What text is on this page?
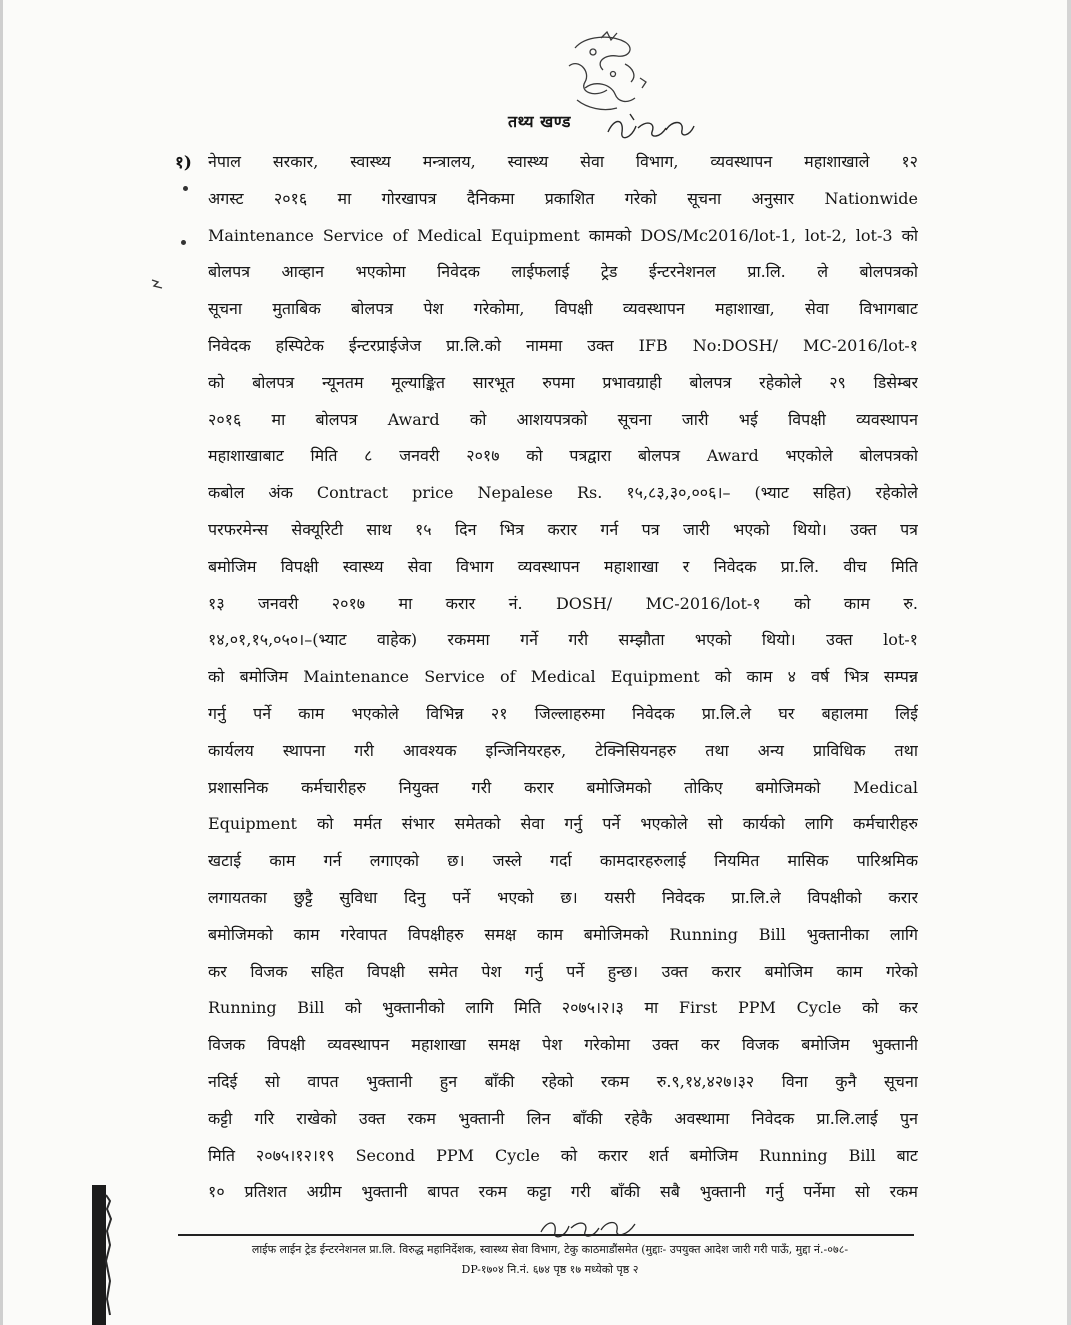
तथ्य खण्ड
१) नेपाल सरकार, स्वास्थ्य मन्त्रालय, स्वास्थ्य सेवा विभाग, व्यवस्थापन महाशाखाले १२
अगस्ट २०१६ मा गोरखापत्र दैनिकमा प्रकाशित गरेको सूचना अनुसार Nationwide
Maintenance Service of Medical Equipment कामको DOS/Mc2016/lot-1, lot-2, lot-3 को
बोलपत्र आव्हान भएकोमा निवेदक लाईफलाई ट्रेड ईन्टरनेशनल प्रा.लि. ले बोलपत्रको
सूचना मुताबिक बोलपत्र पेश गरेकोमा, विपक्षी व्यवस्थापन महाशाखा, सेवा विभागबाट
निवेदक हस्पिटेक ईन्टरप्राईजेज प्रा.लि.को नाममा उक्त IFB No:DOSH/ MC-2016/lot-१
को बोलपत्र न्यूनतम मूल्याङ्कित सारभूत रुपमा प्रभावग्राही बोलपत्र रहेकोले २९ डिसेम्बर
२०१६ मा बोलपत्र Award को आशयपत्रको सूचना जारी भई विपक्षी व्यवस्थापन
महाशाखाबाट मिति ८ जनवरी २०१७ को पत्रद्वारा बोलपत्र Award भएकोले बोलपत्रको
कबोल अंक Contract price Nepalese Rs. १५,८३,३०,००६।– (भ्याट सहित) रहेकोले
परफरमेन्स सेक्यूरिटी साथ १५ दिन भित्र करार गर्न पत्र जारी भएको थियो। उक्त पत्र
बमोजिम विपक्षी स्वास्थ्य सेवा विभाग व्यवस्थापन महाशाखा र निवेदक प्रा.लि. वीच मिति
१३ जनवरी २०१७ मा करार नं. DOSH/ MC-2016/lot-१ को काम रु.
१४,०१,१५,०५०।–(भ्याट वाहेक) रकममा गर्ने गरी सम्झौता भएको थियो। उक्त lot-१
को बमोजिम Maintenance Service of Medical Equipment को काम ४ वर्ष भित्र सम्पन्न
गर्नु पर्ने काम भएकोले विभिन्न २१ जिल्लाहरुमा निवेदक प्रा.लि.ले घर बहालमा लिई
कार्यलय स्थापना गरी आवश्यक इन्जिनियरहरु, टेक्निसियनहरु तथा अन्य प्राविधिक तथा
प्रशासनिक कर्मचारीहरु नियुक्त गरी करार बमोजिमको तोकिए बमोजिमको Medical
Equipment को मर्मत संभार समेतको सेवा गर्नु पर्ने भएकोले सो कार्यको लागि कर्मचारीहरु
खटाई काम गर्न लगाएको छ। जस्ले गर्दा कामदारहरुलाई नियमित मासिक पारिश्रमिक
लगायतका छुट्टै सुविधा दिनु पर्ने भएको छ। यसरी निवेदक प्रा.लि.ले विपक्षीको करार
बमोजिमको काम गरेवापत विपक्षीहरु समक्ष काम बमोजिमको Running Bill भुक्तानीका लागि
कर विजक सहित विपक्षी समेत पेश गर्नु पर्ने हुन्छ। उक्त करार बमोजिम काम गरेको
Running Bill को भुक्तानीको लागि मिति २०७५।२।३ मा First PPM Cycle को कर
विजक विपक्षी व्यवस्थापन महाशाखा समक्ष पेश गरेकोमा उक्त कर विजक बमोजिम भुक्तानी
नदिई सो वापत भुक्तानी हुन बाँकी रहेको रकम रु.९,१४,४२७।३२ विना कुनै सूचना
कट्टी गरि राखेको उक्त रकम भुक्तानी लिन बाँकी रहेकै अवस्थामा निवेदक प्रा.लि.लाई पुन
मिति २०७५।१२।१९ Second PPM Cycle को करार शर्त बमोजिम Running Bill बाट
१० प्रतिशत अग्रीम भुक्तानी बापत रकम कट्टा गरी बाँकी सबै भुक्तानी गर्नु पर्नेमा सो रकम
लाईफ लाईन ट्रेड ईन्टरनेशनल प्रा.लि. विरुद्ध महानिर्देशक, स्वास्थ्य सेवा विभाग, टेकु काठमाडौंसमेत (मुद्दाः- उपयुक्त आदेश जारी गरी पाऊँ, मुद्दा नं.-०७८-
DP-१७०४ नि.नं. ६७४ पृष्ठ १७ मध्येको पृष्ठ २
